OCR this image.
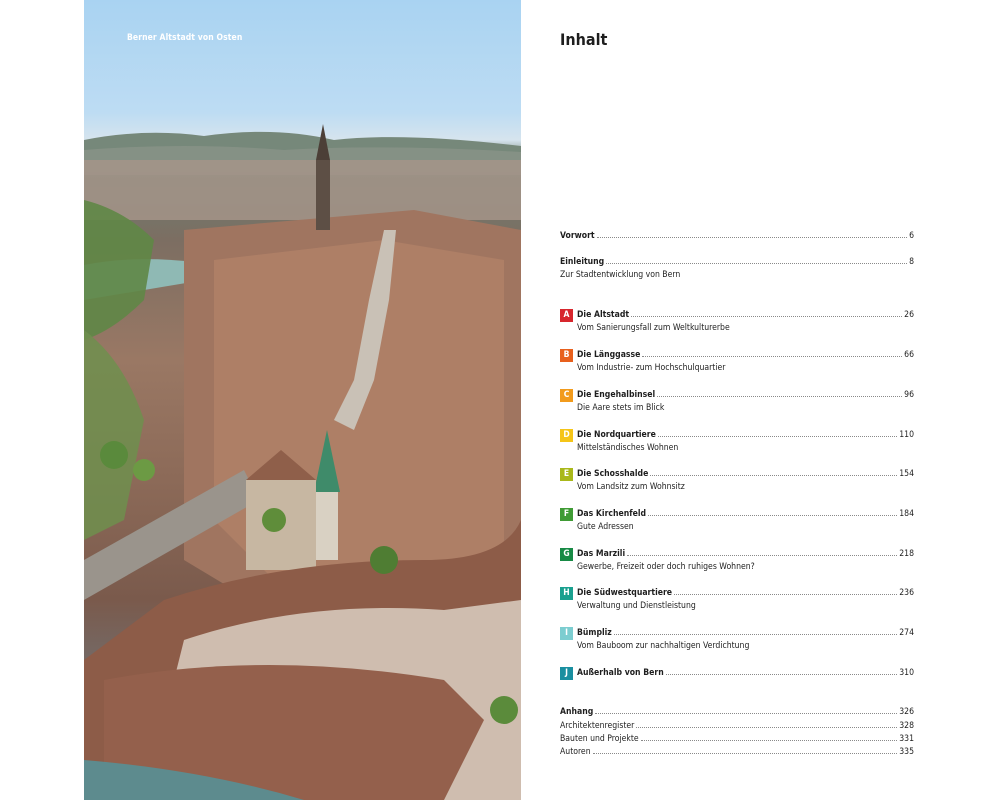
Berner Altstadt von Osten	Inhalt
Vorwort	6
Einleitung	8
Zur Stadtentwicklung von Bern
A Die Altstadt	26
Vom Sanierungsfall zum Weltkulturerbe
B Die Länggasse	66
Vom Industrie- zum Hochschulquartier
C Die Engehalbinsel	96
Die Aare stets im Blick
D Die Nordquartiere	110
Mittelständisches Wohnen
E Die Schosshalde	154
Vom Landsitz zum Wohnsitz
F Das Kirchenfeld	184
Gute Adressen
G Das Marzili	218
Gewerbe, Freizeit oder doch ruhiges Wohnen?
H Die Südwestquartiere	236
Verwaltung und Dienstleistung
I	Bümpliz	274
Vom Bauboom zur nachhaltigen Verdichtung
J	Außerhalb von Bern	310
Anhang	326
Architektenregister	328
Bauten und Projekte	331
Autoren	335
